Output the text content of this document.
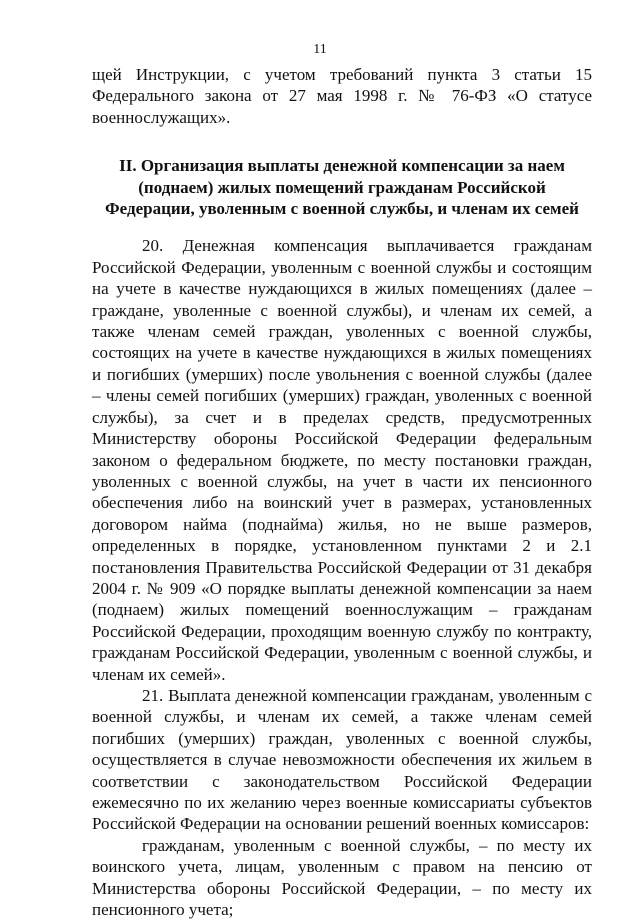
11

щей Инструкции, с учетом требований пункта 3 статьи 15 Федерального закона от 27 мая 1998 г. № 76-ФЗ «О статусе военнослужащих».

II. Организация выплаты денежной компенсации за наем (поднаем) жилых помещений гражданам Российской Федерации, уволенным с военной службы, и членам их семей

20. Денежная компенсация выплачивается гражданам Российской Федерации, уволенным с военной службы и состоящим на учете в качестве нуждающихся в жилых помещениях (далее – граждане, уволенные с военной службы), и членам их семей, а также членам семей граждан, уволенных с военной службы, состоящих на учете в качестве нуждающихся в жилых помещениях и погибших (умерших) после увольнения с военной службы (далее – члены семей погибших (умерших) граждан, уволенных с военной службы), за счет и в пределах средств, предусмотренных Министерству обороны Российской Федерации федеральным законом о федеральном бюджете, по месту постановки граждан, уволенных с военной службы, на учет в части их пенсионного обеспечения либо на воинский учет в размерах, установленных договором найма (поднайма) жилья, но не выше размеров, определенных в порядке, установленном пунктами 2 и 2.1 постановления Правительства Российской Федерации от 31 декабря 2004 г. № 909 «О порядке выплаты денежной компенсации за наем (поднаем) жилых помещений военнослужащим – гражданам Российской Федерации, проходящим военную службу по контракту, гражданам Российской Федерации, уволенным с военной службы, и членам их семей».

21. Выплата денежной компенсации гражданам, уволенным с военной службы, и членам их семей, а также членам семей погибших (умерших) граждан, уволенных с военной службы, осуществляется в случае невозможности обеспечения их жильем в соответствии с законодательством Российской Федерации ежемесячно по их желанию через военные комиссариаты субъектов Российской Федерации на основании решений военных комиссаров:

гражданам, уволенным с военной службы, – по месту их воинского учета, лицам, уволенным с правом на пенсию от Министерства обороны Российской Федерации, – по месту их пенсионного учета;
